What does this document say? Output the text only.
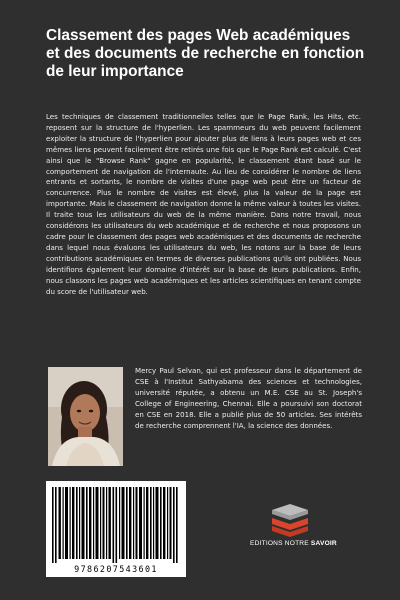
Classement des pages Web académiques et des documents de recherche en fonction de leur importance
Les techniques de classement traditionnelles telles que le Page Rank, les Hits, etc. reposent sur la structure de l'hyperlien. Les spammeurs du web peuvent facilement exploiter la structure de l'hyperlien pour ajouter plus de liens à leurs pages web et ces mêmes liens peuvent facilement être retirés une fois que le Page Rank est calculé. C'est ainsi que le "Browse Rank" gagne en popularité, le classement étant basé sur le comportement de navigation de l'internaute. Au lieu de considérer le nombre de liens entrants et sortants, le nombre de visites d'une page web peut être un facteur de concurrence. Plus le nombre de visites est élevé, plus la valeur de la page est importante. Mais le classement de navigation donne la même valeur à toutes les visites. Il traite tous les utilisateurs du web de la même manière. Dans notre travail, nous considérons les utilisateurs du web académique et de recherche et nous proposons un cadre pour le classement des pages web académiques et des documents de recherche dans lequel nous évaluons les utilisateurs du web, les notons sur la base de leurs contributions académiques en termes de diverses publications qu'ils ont publiées. Nous identifions également leur domaine d'intérêt sur la base de leurs publications. Enfin, nous classons les pages web académiques et les articles scientifiques en tenant compte du score de l'utilisateur web.
Mercy Paul Selvan, qui est professeur dans le département de CSE à l'Institut Sathyabama des sciences et technologies, université réputée, a obtenu un M.E. CSE au St. Joseph's College of Engineering, Chennai. Elle a poursuivi son doctorat en CSE en 2018. Elle a publié plus de 50 articles. Ses intérêts de recherche comprennent l'IA, la science des données.
9786207543601
EDITIONS NOTRE SAVOIR
